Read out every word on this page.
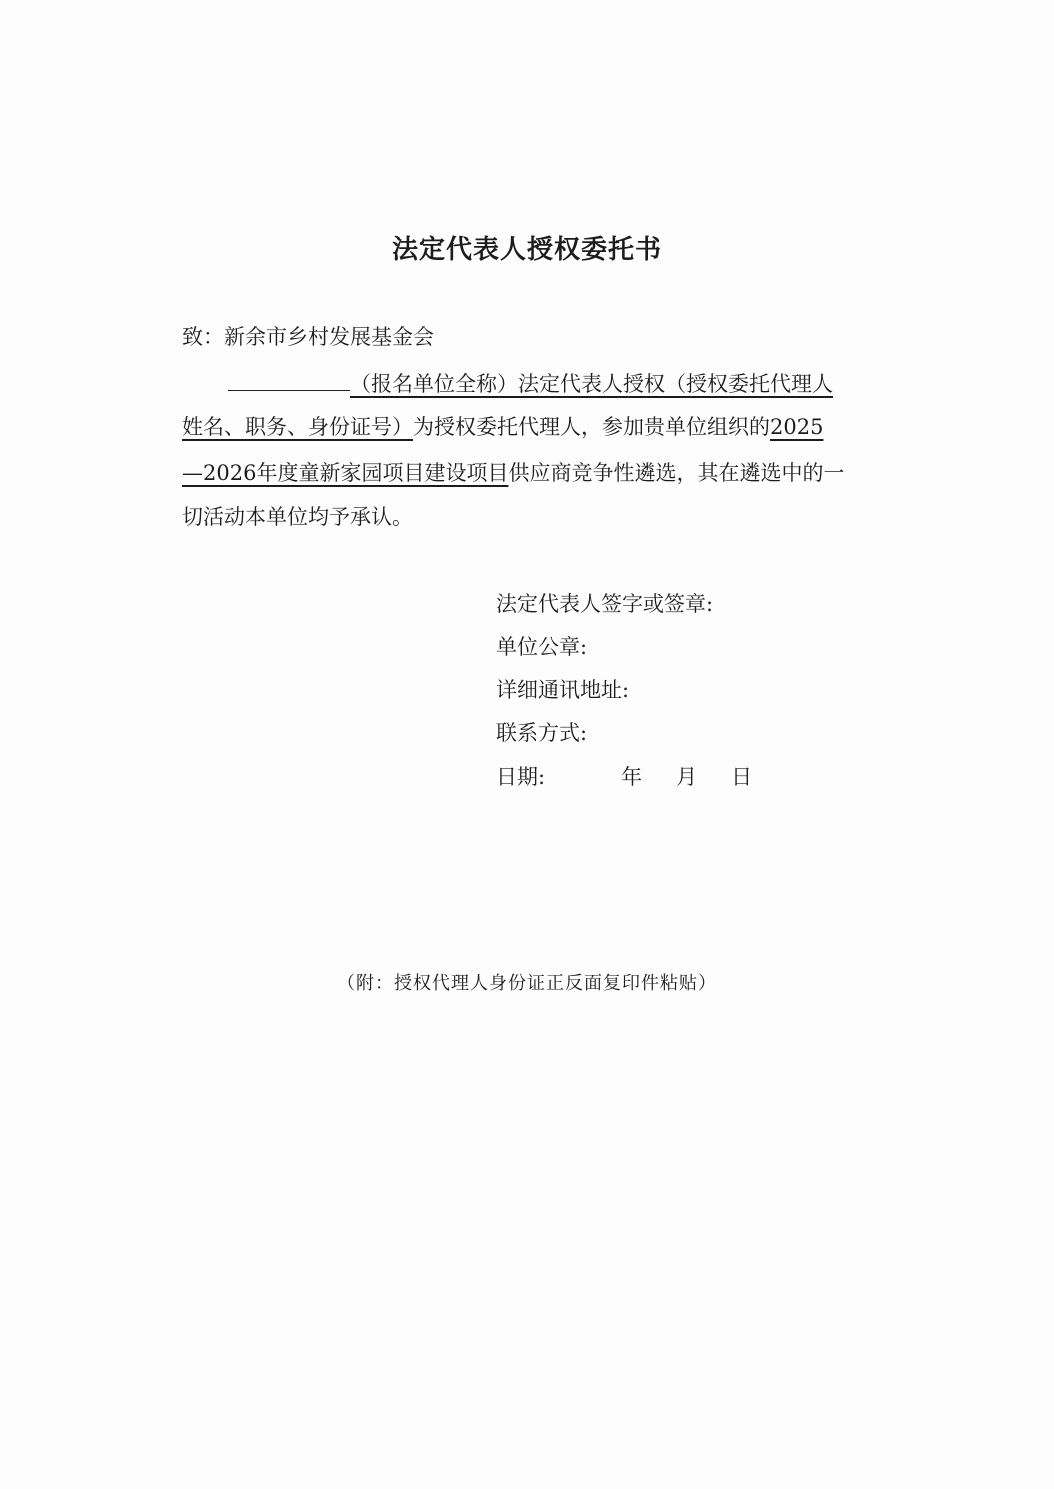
法定代表人授权委托书
致：新余市乡村发展基金会
（报名单位全称）法定代表人授权（授权委托代理人
姓名、职务、身份证号）为授权委托代理人，参加贵单位组织的2025
—2026年度童新家园项目建设项目供应商竞争性遴选，其在遴选中的一
切活动本单位均予承认。
法定代表人签字或签章:
单位公章:
详细通讯地址:
联系方式:
日期:	年 月 日
（附：授权代理人身份证正反面复印件粘贴）
